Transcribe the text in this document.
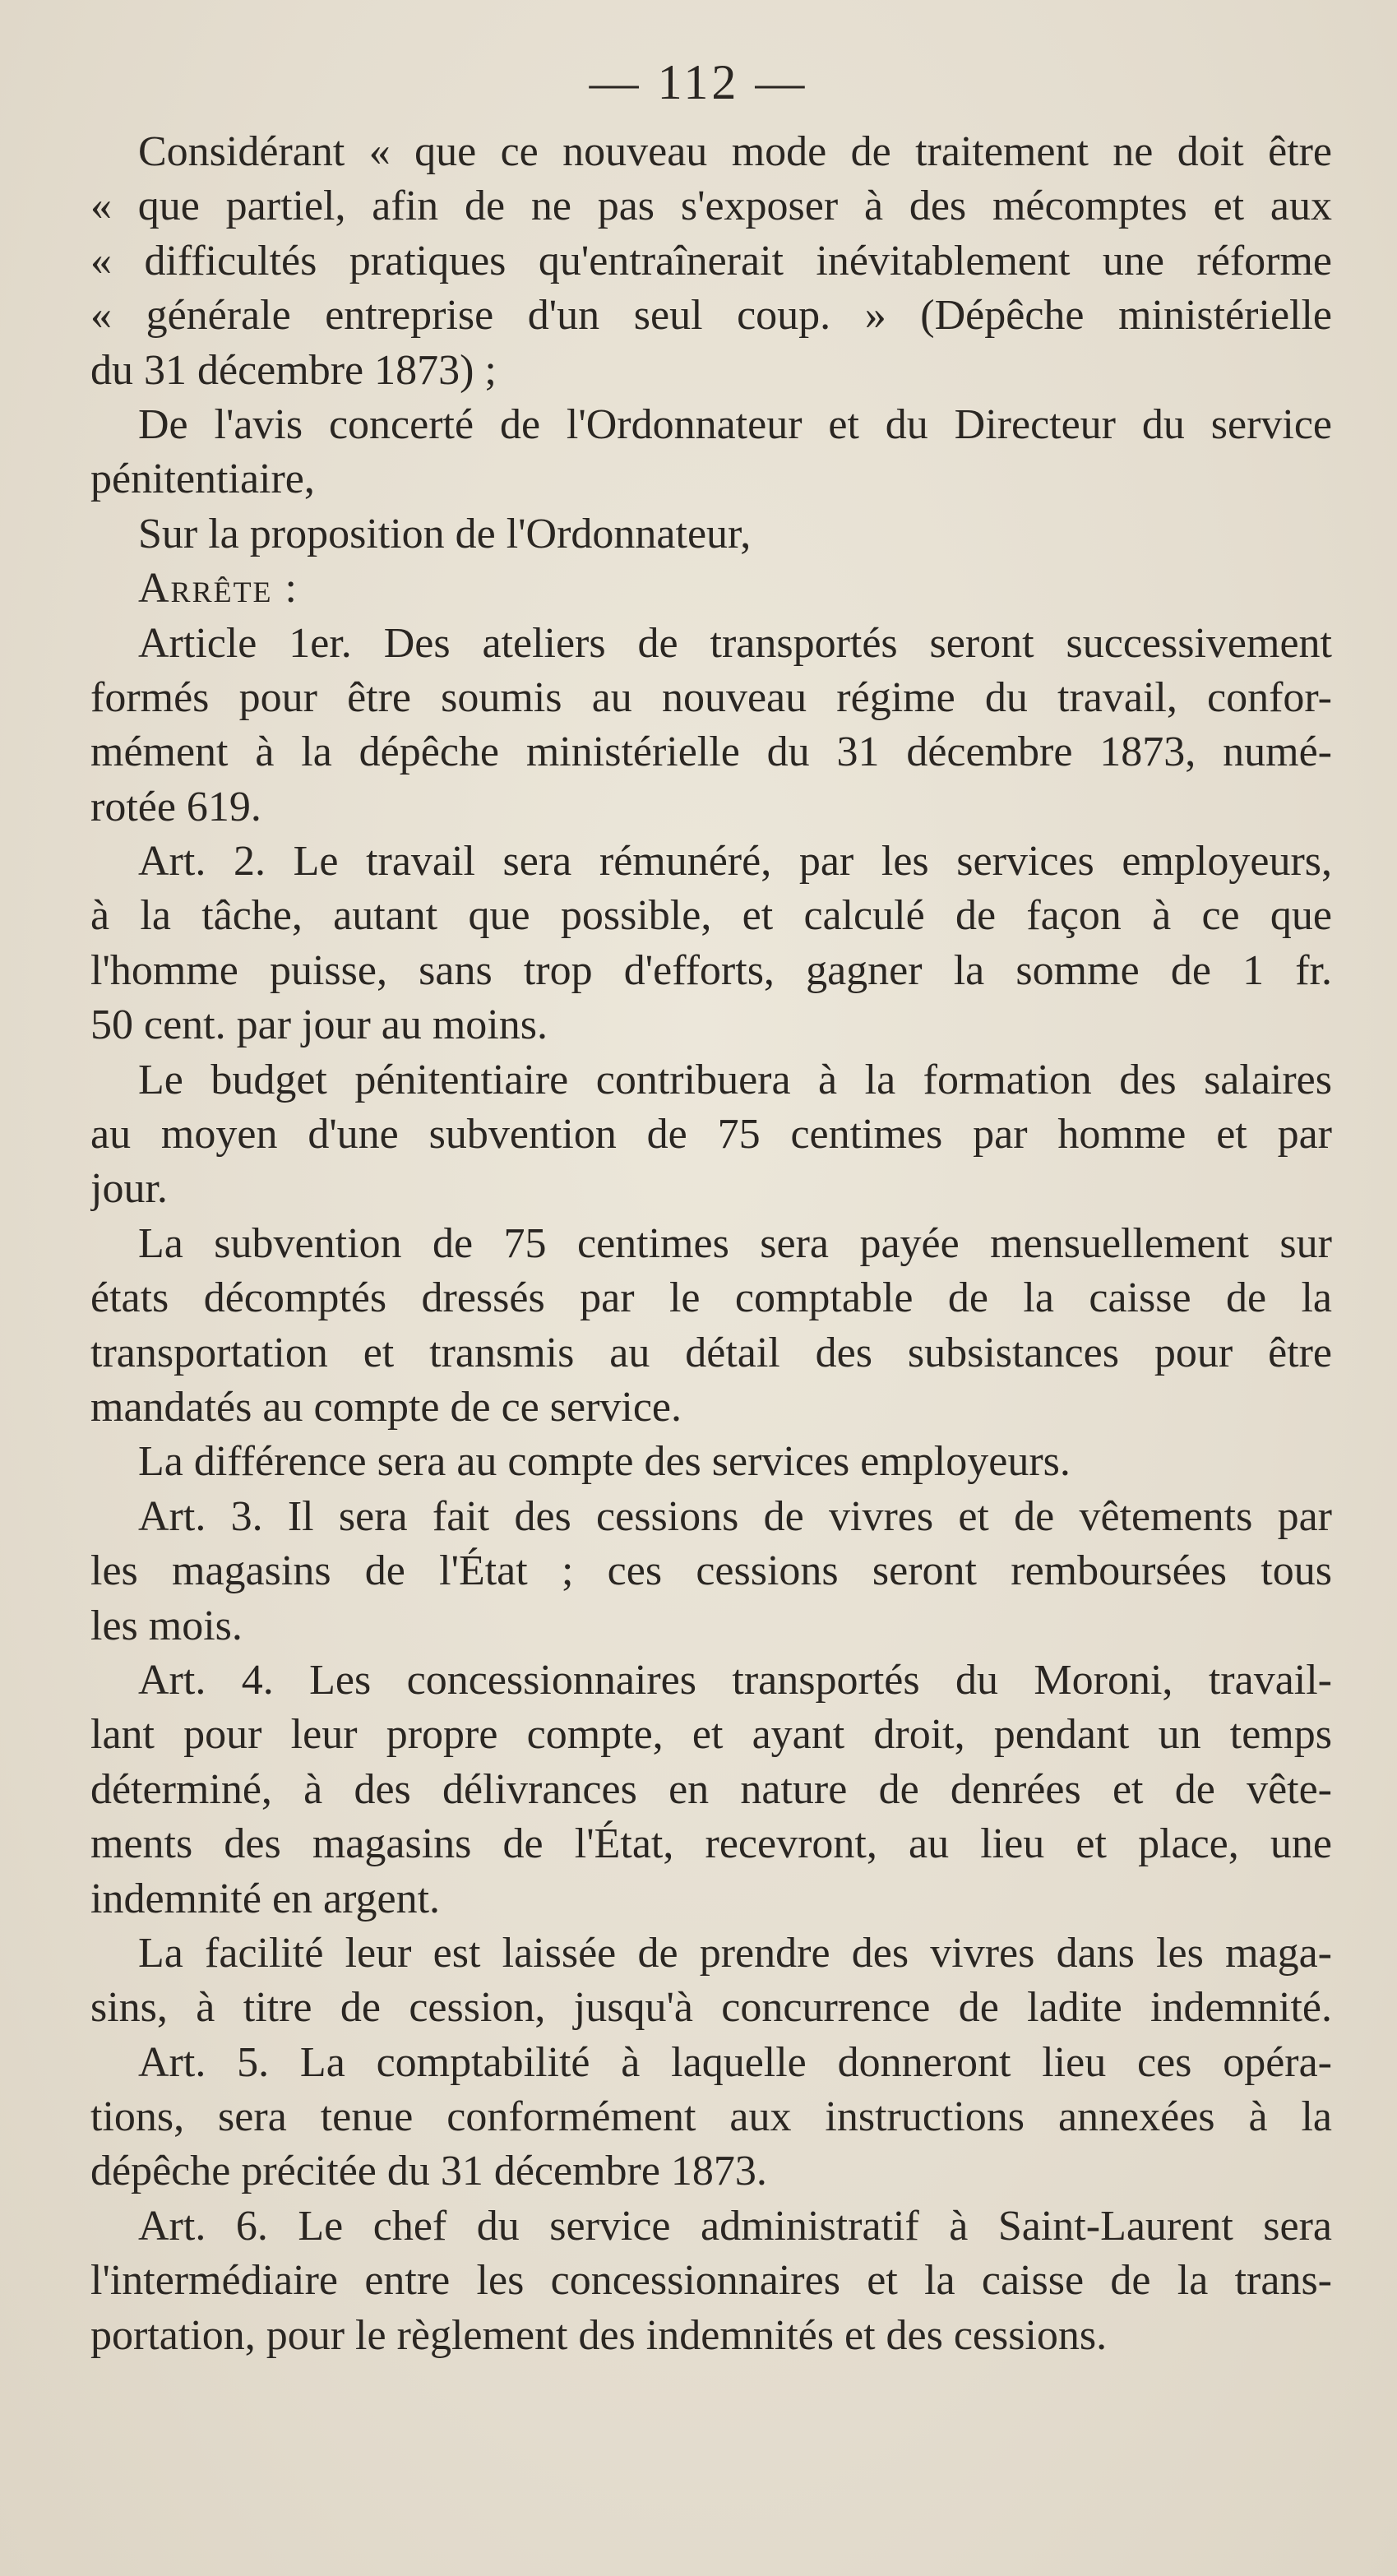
— 112 —
Considérant « que ce nouveau mode de traitement ne doit être
« que partiel, afin de ne pas s'exposer à des mécomptes et aux
« difficultés pratiques qu'entraînerait inévitablement une réforme
« générale entreprise d'un seul coup. » (Dépêche ministérielle
du 31 décembre 1873) ;
De l'avis concerté de l'Ordonnateur et du Directeur du service
pénitentiaire,
Sur la proposition de l'Ordonnateur,
Arrête :
Article 1er. Des ateliers de transportés seront successivement
formés pour être soumis au nouveau régime du travail, confor-
mément à la dépêche ministérielle du 31 décembre 1873, numé-
rotée 619.
Art. 2. Le travail sera rémunéré, par les services employeurs,
à la tâche, autant que possible, et calculé de façon à ce que
l'homme puisse, sans trop d'efforts, gagner la somme de 1 fr.
50 cent. par jour au moins.
Le budget pénitentiaire contribuera à la formation des salaires
au moyen d'une subvention de 75 centimes par homme et par
jour.
La subvention de 75 centimes sera payée mensuellement sur
états décomptés dressés par le comptable de la caisse de la
transportation et transmis au détail des subsistances pour être
mandatés au compte de ce service.
La différence sera au compte des services employeurs.
Art. 3. Il sera fait des cessions de vivres et de vêtements par
les magasins de l'État ; ces cessions seront remboursées tous
les mois.
Art. 4. Les concessionnaires transportés du Moroni, travail-
lant pour leur propre compte, et ayant droit, pendant un temps
déterminé, à des délivrances en nature de denrées et de vête-
ments des magasins de l'État, recevront, au lieu et place, une
indemnité en argent.
La facilité leur est laissée de prendre des vivres dans les maga-
sins, à titre de cession, jusqu'à concurrence de ladite indemnité.
Art. 5. La comptabilité à laquelle donneront lieu ces opéra-
tions, sera tenue conformément aux instructions annexées à la
dépêche précitée du 31 décembre 1873.
Art. 6. Le chef du service administratif à Saint-Laurent sera
l'intermédiaire entre les concessionnaires et la caisse de la trans-
portation, pour le règlement des indemnités et des cessions.
